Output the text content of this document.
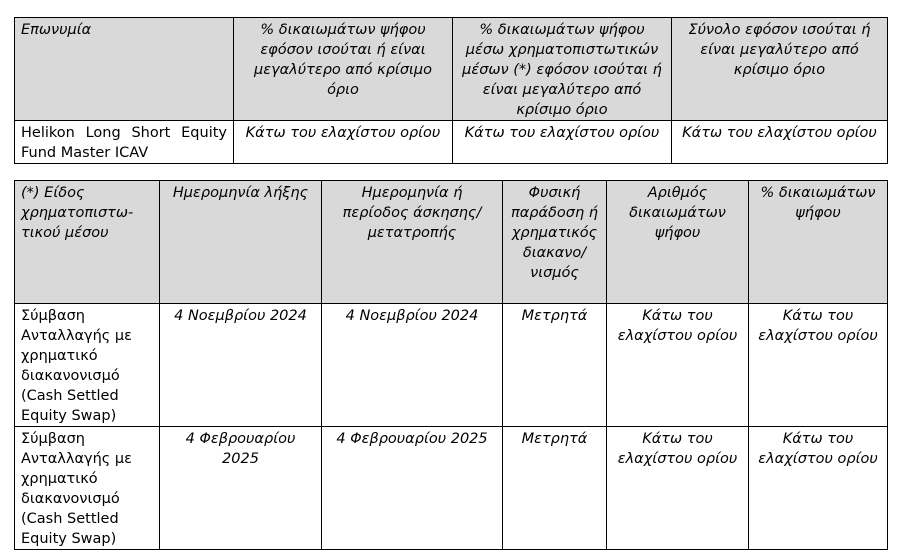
Επωνυμία	% δικαιωμάτων ψήφου εφόσον ισούται ή είναι μεγαλύτερο από κρίσιμο όριο	% δικαιωμάτων ψήφου μέσω χρηματοπιστωτικών μέσων (*) εφόσον ισούται ή είναι μεγαλύτερο από κρίσιμο όριο	Σύνολο εφόσον ισούται ή είναι μεγαλύτερο από κρίσιμο όριο
Helikon Long Short Equity Fund Master ICAV	Κάτω του ελαχίστου ορίου	Κάτω του ελαχίστου ορίου	Κάτω του ελαχίστου ορίου
(*) Είδος χρηματοπιστω-τικού μέσου	Ημερομηνία λήξης	Ημερομηνία ή περίοδος άσκησης/ μετατροπής	Φυσική παράδοση ή χρηματικός διακανο/ νισμός	Αριθμός δικαιωμάτων ψήφου	% δικαιωμάτων ψήφου
Σύμβαση Ανταλλαγής με χρηματικό διακανονισμό (Cash Settled Equity Swap)	4 Νοεμβρίου 2024	4 Νοεμβρίου 2024	Μετρητά	Κάτω του ελαχίστου ορίου	Κάτω του ελαχίστου ορίου
Σύμβαση Ανταλλαγής με χρηματικό διακανονισμό (Cash Settled Equity Swap)	4 Φεβρουαρίου 2025	4 Φεβρουαρίου 2025	Μετρητά	Κάτω του ελαχίστου ορίου	Κάτω του ελαχίστου ορίου
